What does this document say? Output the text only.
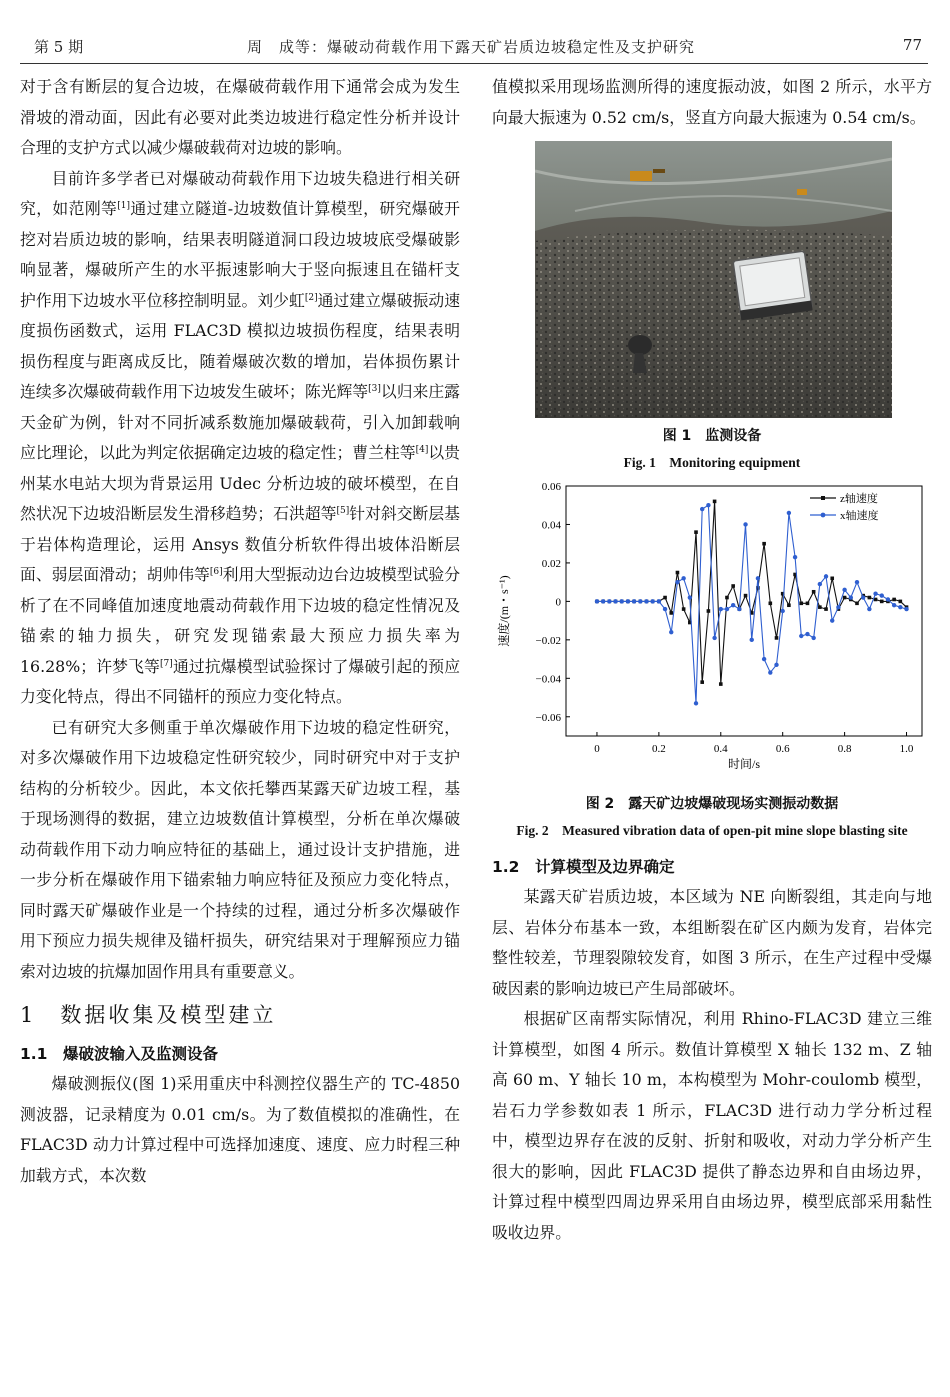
第 5 期	周　成等：爆破动荷载作用下露天矿岩质边坡稳定性及支护研究	77

对于含有断层的复合边坡，在爆破荷载作用下通常会成为发生滑坡的滑动面，因此有必要对此类边坡进行稳定性分析并设计合理的支护方式以减少爆破载荷对边坡的影响。

目前许多学者已对爆破动荷载作用下边坡失稳进行相关研究，如范刚等[1]通过建立隧道-边坡数值计算模型，研究爆破开挖对岩质边坡的影响，结果表明隧道洞口段边坡坡底受爆破影响显著，爆破所产生的水平振速影响大于竖向振速且在锚杆支护作用下边坡水平位移控制明显。刘少虹[2]通过建立爆破振动速度损伤函数式，运用 FLAC3D 模拟边坡损伤程度，结果表明损伤程度与距离成反比，随着爆破次数的增加，岩体损伤累计连续多次爆破荷载作用下边坡发生破坏；陈光辉等[3]以归来庄露天金矿为例，针对不同折减系数施加爆破载荷，引入加卸载响应比理论，以此为判定依据确定边坡的稳定性；曹兰柱等[4]以贵州某水电站大坝为背景运用 Udec 分析边坡的破坏模型，在自然状况下边坡沿断层发生滑移趋势；石洪超等[5]针对斜交断层基于岩体构造理论，运用 Ansys 数值分析软件得出坡体沿断层面、弱层面滑动；胡帅伟等[6]利用大型振动边台边坡模型试验分析了在不同峰值加速度地震动荷载作用下边坡的稳定性情况及锚索的轴力损失，研究发现锚索最大预应力损失率为 16.28%；许梦飞等[7]通过抗爆模型试验探讨了爆破引起的预应力变化特点，得出不同锚杆的预应力变化特点。

已有研究大多侧重于单次爆破作用下边坡的稳定性研究，对多次爆破作用下边坡稳定性研究较少，同时研究中对于支护结构的分析较少。因此，本文依托攀西某露天矿边坡工程，基于现场测得的数据，建立边坡数值计算模型，分析在单次爆破动荷载作用下动力响应特征的基础上，通过设计支护措施，进一步分析在爆破作用下锚索轴力响应特征及预应力变化特点，同时露天矿爆破作业是一个持续的过程，通过分析多次爆破作用下预应力损失规律及锚杆损失，研究结果对于理解预应力锚索对边坡的抗爆加固作用具有重要意义。

1　数据收集及模型建立
1.1　爆破波输入及监测设备

爆破测振仪(图 1)采用重庆中科测控仪器生产的 TC-4850 测波器，记录精度为 0.01 cm/s。为了数值模拟的准确性，在 FLAC3D 动力计算过程中可选择加速度、速度、应力时程三种加载方式，本次数

值模拟采用现场监测所得的速度振动波，如图 2 所示，水平方向最大振速为 0.52 cm/s，竖直方向最大振速为 0.54 cm/s。

图 1　监测设备
Fig. 1　Monitoring equipment
0	0.2	0.4	0.6	0.8	1.0
0.06
0.04
0.02
0
−0.02
−0.04
−0.06
时间/s
速度/(m・s⁻¹)
z轴速度
x轴速度
图 2　露天矿边坡爆破现场实测振动数据
Fig. 2　Measured vibration data of open-pit mine slope blasting site
1.2　计算模型及边界确定

某露天矿岩质边坡，本区域为 NE 向断裂组，其走向与地层、岩体分布基本一致，本组断裂在矿区内颇为发育，岩体完整性较差，节理裂隙较发育，如图 3 所示，在生产过程中受爆破因素的影响边坡已产生局部破坏。

根据矿区南帮实际情况，利用 Rhino-FLAC3D 建立三维计算模型，如图 4 所示。数值计算模型 X 轴长 132 m、Z 轴高 60 m、Y 轴长 10 m，本构模型为 Mohr-coulomb 模型，岩石力学参数如表 1 所示，FLAC3D 进行动力学分析过程中，模型边界存在波的反射、折射和吸收，对动力学分析产生很大的影响，因此 FLAC3D 提供了静态边界和自由场边界，计算过程中模型四周边界采用自由场边界，模型底部采用黏性吸收边界。
